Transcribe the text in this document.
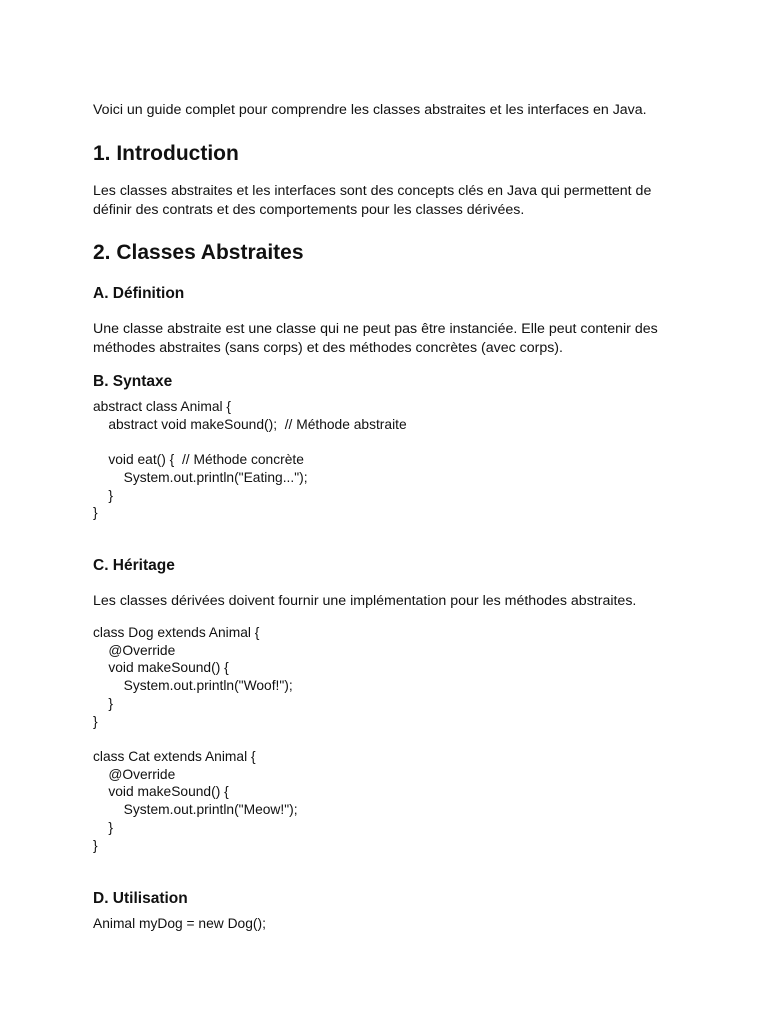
Voici un guide complet pour comprendre les classes abstraites et les interfaces en Java.

1. Introduction

Les classes abstraites et les interfaces sont des concepts clés en Java qui permettent de définir des contrats et des comportements pour les classes dérivées.

2. Classes Abstraites
A. Définition

Une classe abstraite est une classe qui ne peut pas être instanciée. Elle peut contenir des méthodes abstraites (sans corps) et des méthodes concrètes (avec corps).

B. Syntaxe
abstract class Animal {
abstract void makeSound();  // Méthode abstraite

void eat() {  // Méthode concrète
System.out.println("Eating...");
}
}
C. Héritage

Les classes dérivées doivent fournir une implémentation pour les méthodes abstraites.

class Dog extends Animal {
@Override
void makeSound() {
System.out.println("Woof!");
}
}
class Cat extends Animal {
@Override
void makeSound() {
System.out.println("Meow!");
}
}
D. Utilisation
Animal myDog = new Dog();
